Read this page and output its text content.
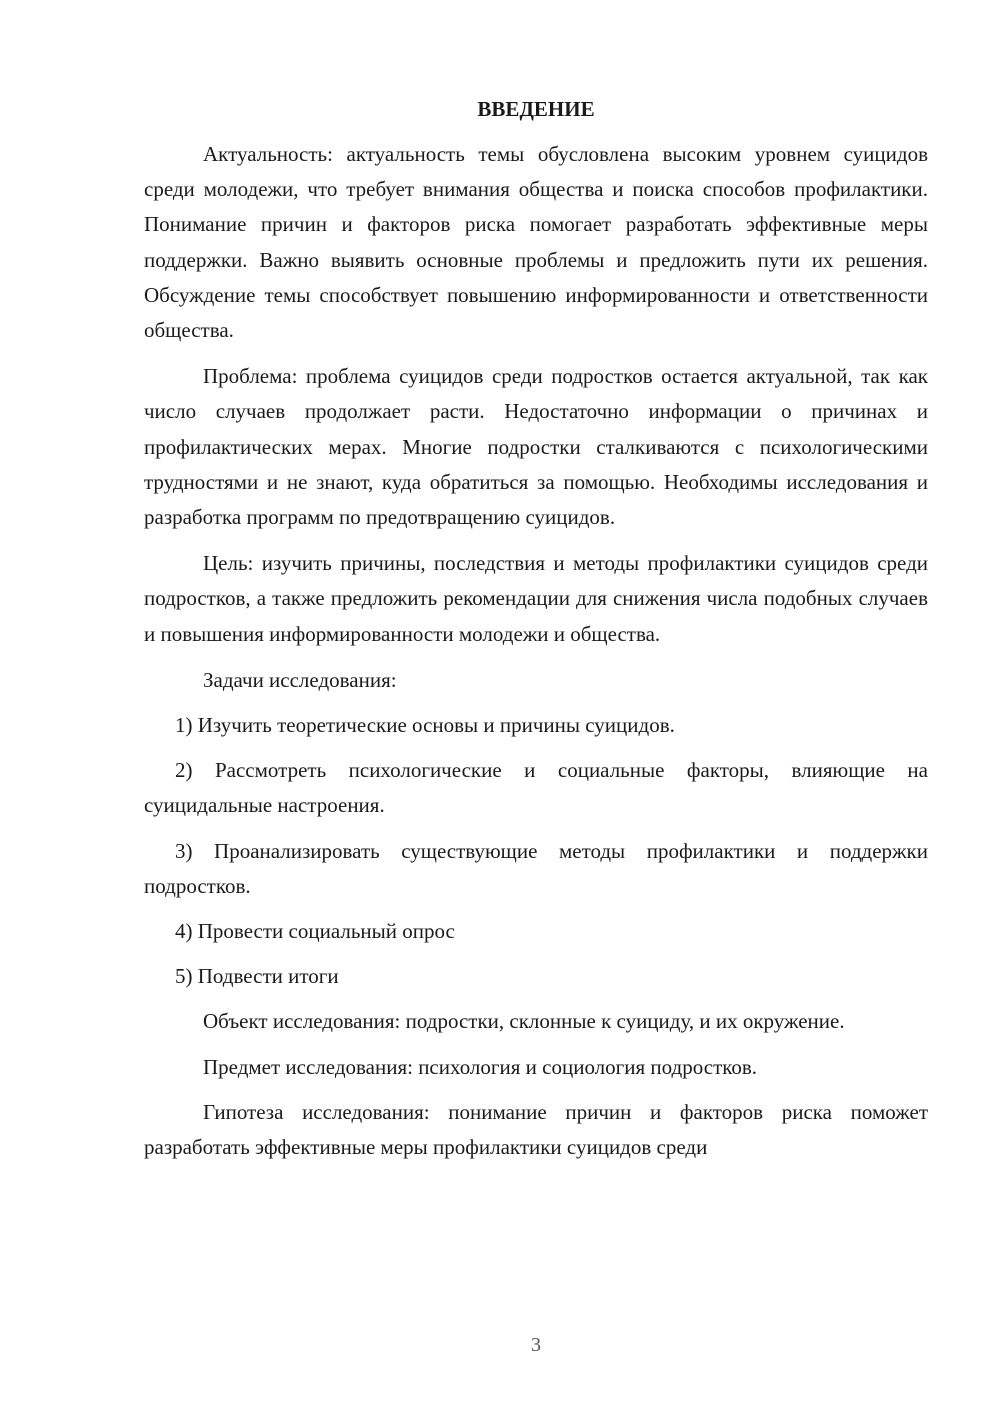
ВВЕДЕНИЕ

Актуальность: актуальность темы обусловлена высоким уровнем суицидов среди молодежи, что требует внимания общества и поиска способов профилактики. Понимание причин и факторов риска помогает разработать эффективные меры поддержки. Важно выявить основные проблемы и предложить пути их решения. Обсуждение темы способствует повышению информированности и ответственности общества.

Проблема: проблема суицидов среди подростков остается актуальной, так как число случаев продолжает расти. Недостаточно информации о причинах и профилактических мерах. Многие подростки сталкиваются с психологическими трудностями и не знают, куда обратиться за помощью. Необходимы исследования и разработка программ по предотвращению суицидов.

Цель: изучить причины, последствия и методы профилактики суицидов среди подростков, а также предложить рекомендации для снижения числа подобных случаев и повышения информированности молодежи и общества.

Задачи исследования:

1) Изучить теоретические основы и причины суицидов.

2) Рассмотреть психологические и социальные факторы, влияющие на суицидальные настроения.

3) Проанализировать существующие методы профилактики и поддержки подростков.

4) Провести социальный опрос

5) Подвести итоги

Объект исследования: подростки, склонные к суициду, и их окружение.

Предмет исследования: психология и социология подростков.

Гипотеза исследования: понимание причин и факторов риска поможет разработать эффективные меры профилактики суицидов среди

3
